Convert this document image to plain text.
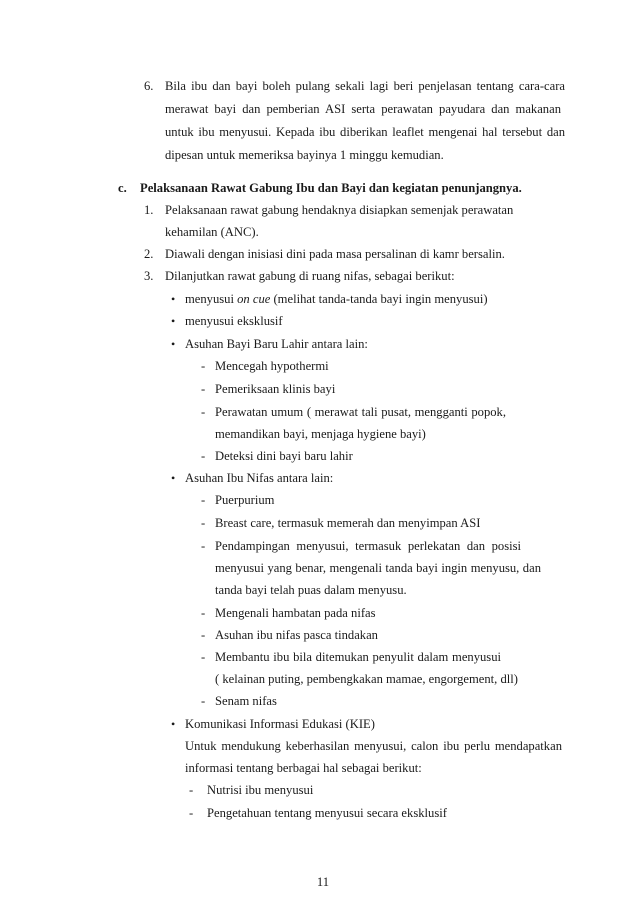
6. Bila ibu dan bayi boleh pulang sekali lagi beri penjelasan tentang cara-cara
merawat bayi dan pemberian ASI serta perawatan payudara dan makanan
untuk ibu menyusui. Kepada ibu diberikan leaflet mengenai hal tersebut dan
dipesan untuk memeriksa bayinya 1 minggu kemudian.
c. Pelaksanaan Rawat Gabung Ibu dan Bayi dan kegiatan penunjangnya.
1. Pelaksanaan rawat gabung hendaknya disiapkan semenjak perawatan
kehamilan (ANC).
2. Diawali dengan inisiasi dini pada masa persalinan di kamr bersalin.
3. Dilanjutkan rawat gabung di ruang nifas, sebagai berikut:
• menyusui on cue (melihat tanda-tanda bayi ingin menyusui)
• menyusui eksklusif
• Asuhan Bayi Baru Lahir antara lain:
- Mencegah hypothermi
- Pemeriksaan klinis bayi
- Perawatan umum ( merawat tali pusat, mengganti popok,
memandikan bayi, menjaga hygiene bayi)
- Deteksi dini bayi baru lahir
• Asuhan Ibu Nifas antara lain:
- Puerpurium
- Breast care, termasuk memerah dan menyimpan ASI
- Pendampingan menyusui, termasuk perlekatan dan posisi
menyusui yang benar, mengenali tanda bayi ingin menyusu, dan
tanda bayi telah puas dalam menyusu.
- Mengenali hambatan pada nifas
- Asuhan ibu nifas pasca tindakan
- Membantu ibu bila ditemukan penyulit dalam menyusui
( kelainan puting, pembengkakan mamae, engorgement, dll)
- Senam nifas
• Komunikasi Informasi Edukasi (KIE)
Untuk mendukung keberhasilan menyusui, calon ibu perlu mendapatkan
informasi tentang berbagai hal sebagai berikut:
- Nutrisi ibu menyusui
- Pengetahuan tentang menyusui secara eksklusif
11
